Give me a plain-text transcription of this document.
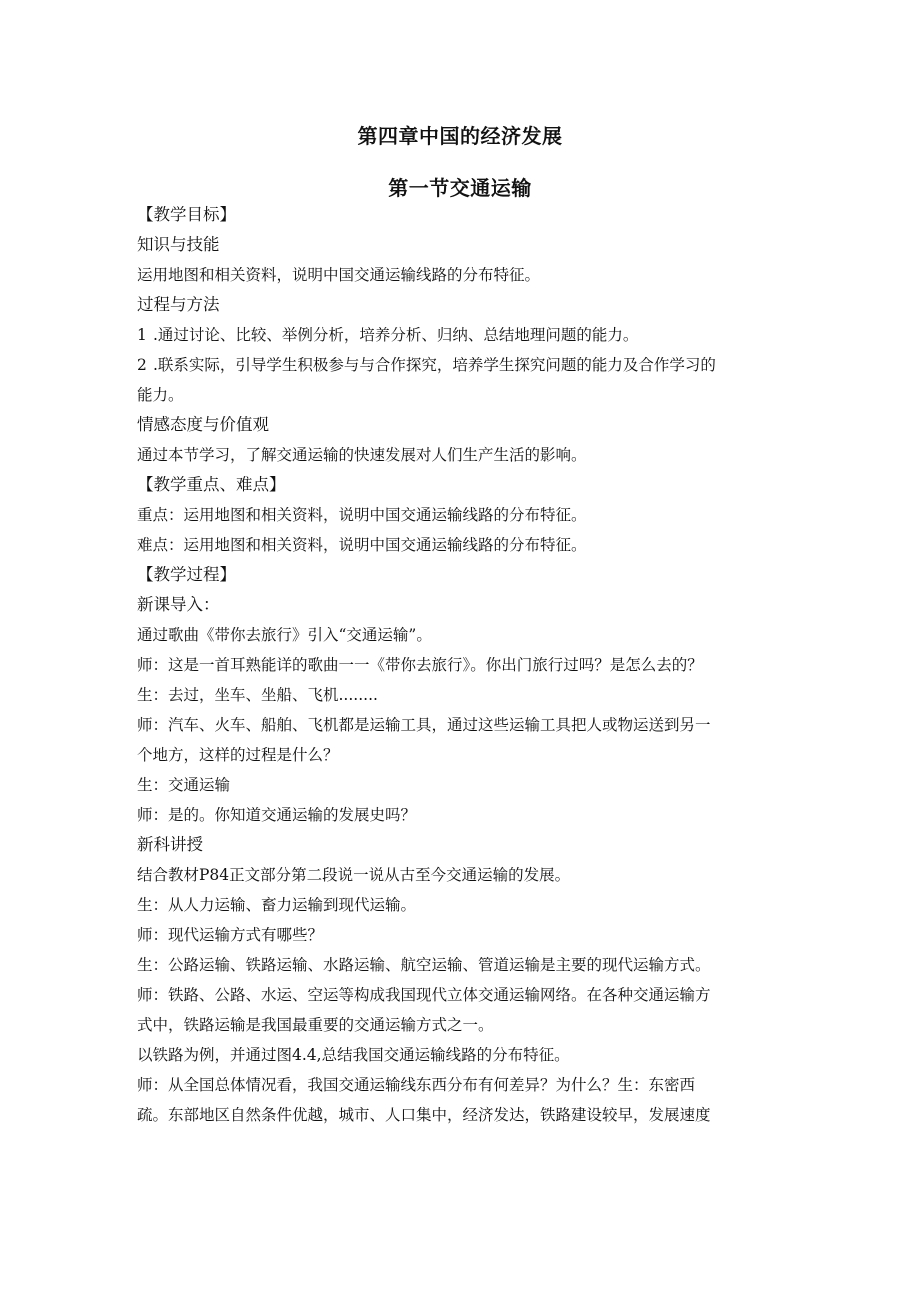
第四章中国的经济发展
第一节交通运输
【教学目标】
知识与技能
运用地图和相关资料，说明中国交通运输线路的分布特征。
过程与方法
1 .通过讨论、比较、举例分析，培养分析、归纳、总结地理问题的能力。
2 .联系实际，引导学生积极参与与合作探究，培养学生探究问题的能力及合作学习的
能力。
情感态度与价值观
通过本节学习，了解交通运输的快速发展对人们生产生活的影响。
【教学重点、难点】
重点：运用地图和相关资料，说明中国交通运输线路的分布特征。
难点：运用地图和相关资料，说明中国交通运输线路的分布特征。
【教学过程】
新课导入：
通过歌曲《带你去旅行》引入“交通运输”。
师：这是一首耳熟能详的歌曲一一《带你去旅行》。你出门旅行过吗？是怎么去的？
生：去过，坐车、坐船、飞机........
师：汽车、火车、船舶、飞机都是运输工具，通过这些运输工具把人或物运送到另一
个地方，这样的过程是什么？
生：交通运输
师：是的。你知道交通运输的发展史吗？
新科讲授
结合教材P84正文部分第二段说一说从古至今交通运输的发展。
生：从人力运输、畜力运输到现代运输。
师：现代运输方式有哪些？
生：公路运输、铁路运输、水路运输、航空运输、管道运输是主要的现代运输方式。
师：铁路、公路、水运、空运等构成我国现代立体交通运输网络。在各种交通运输方
式中，铁路运输是我国最重要的交通运输方式之一。
以铁路为例，并通过图4.4,总结我国交通运输线路的分布特征。
师：从全国总体情况看，我国交通运输线东西分布有何差异？为什么？生：东密西
疏。东部地区自然条件优越，城市、人口集中，经济发达，铁路建设较早，发展速度
